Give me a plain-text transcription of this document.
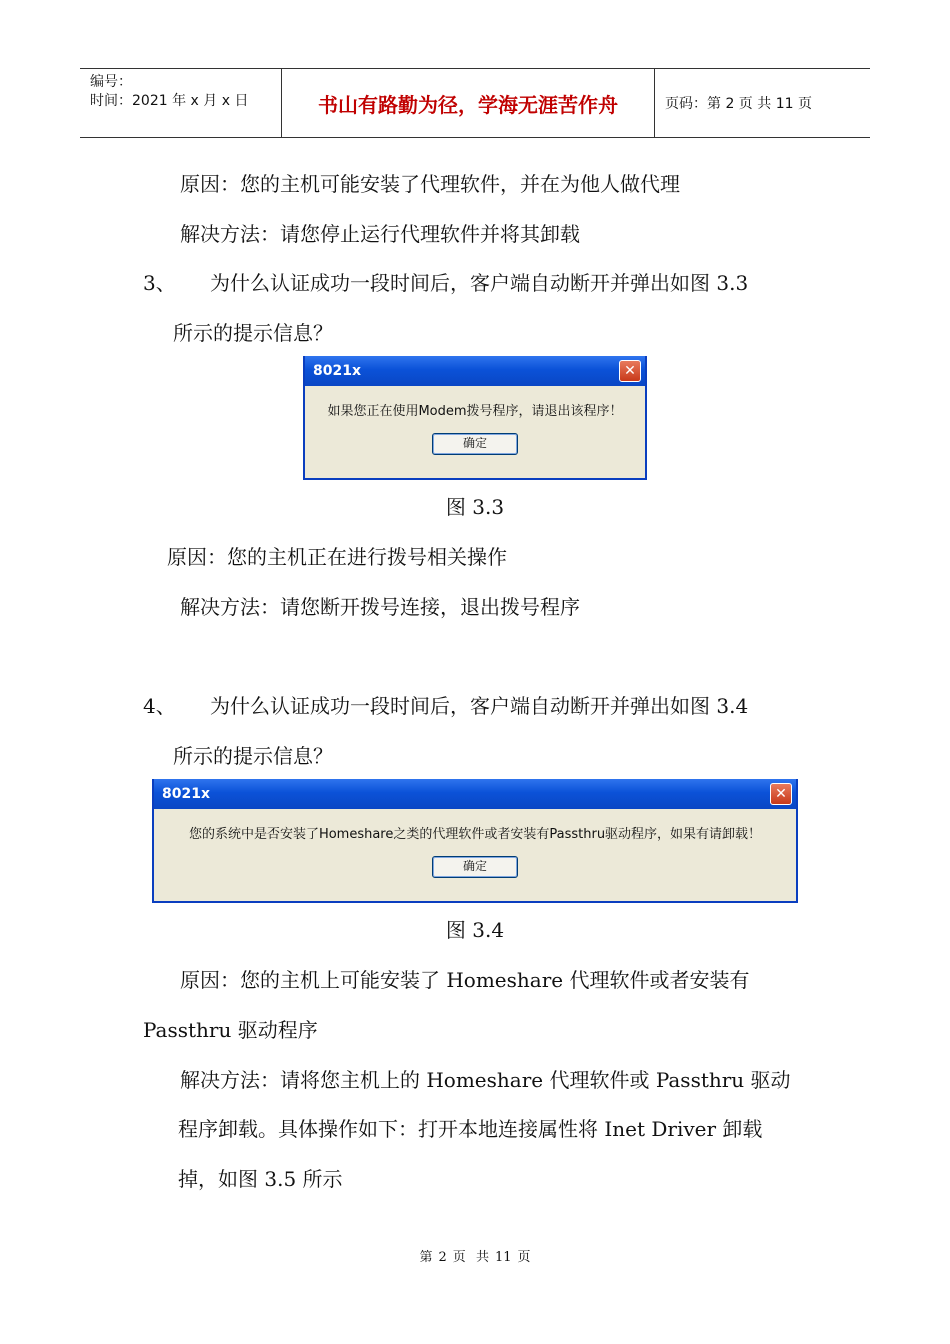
编号：
时间：2021 年 x 月 x 日	书山有路勤为径，学海无涯苦作舟	页码：第 2 页 共 11 页
原因：您的主机可能安装了代理软件，并在为他人做代理
解决方法：请您停止运行代理软件并将其卸载
3、 为什么认证成功一段时间后，客户端自动断开并弹出如图 3.3
所示的提示信息？
8021x	✕
如果您正在使用Modem拨号程序，请退出该程序！
确定
图 3.3
原因：您的主机正在进行拨号相关操作
解决方法：请您断开拨号连接，退出拨号程序
4、 为什么认证成功一段时间后，客户端自动断开并弹出如图 3.4
所示的提示信息？
8021x	✕
您的系统中是否安装了Homeshare之类的代理软件或者安装有Passthru驱动程序，如果有请卸载！
确定
图 3.4
原因：您的主机上可能安装了 Homeshare 代理软件或者安装有
Passthru 驱动程序
解决方法：请将您主机上的 Homeshare 代理软件或 Passthru 驱动
程序卸载。具体操作如下：打开本地连接属性将 Inet Driver 卸载
掉，如图 3.5 所示
第 2 页 共 11 页
